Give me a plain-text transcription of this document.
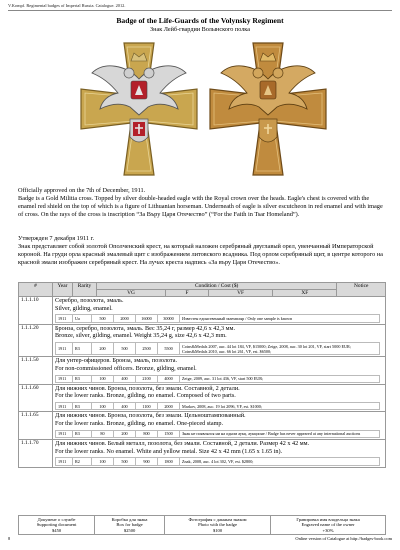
V.Kompf. Regimental badges of Imperial Russia. Catalogue. 2012.
Badge of the Life-Guards of the Volynsky Regiment
Знак Лейб-гвардии Волынского полка
Officially approved on the 7th of December, 1911.
Badge is a Gold Militia cross. Topped by silver double-headed eagle with the Royal crown over the heads. Eagle's chest is covered with the enamel red shield on the top of which is a figure of Lithuanian horseman. Underneath of eagle is silver escutcheon in red enamel and with image of cross. On the rays of the cross is inscription “За Въру Царя Отечество” (“For the Faith in Tsar Homeland”).
Утвержден 7 декабря 1911 г.
Знак представляет собой золотой Ополченский крест, на который наложен серебряный двуглавый орел, увенчанный Императорской короной. На груди орла красный эмалевый щит с изображением литовского всадника. Под орлом серебряный щит, в центре которого на красной эмали изображен серебряный крест. На лучах креста надпись «За въру Царя Отечество».
#	Year	Rarity	Condition / Cost ($)	Notice
VG	F	VF	XF
1.1.1.10	Серебро, позолота, эмаль.
Silver, gilding, enamel.
1911	Ua	500	2000	16000	30000	Известен единственный экземпляр / Only one sample is known

1.1.1.20	Бронза, серебро, позолота, эмаль. Вес 35,24 г, размер 42,6 х 42,3 мм.
Bronze, silver, gilding, enamel. Weight 35,24 g, size 42,6 x 42,3 mm.
1911	R3	200	500	2500	5500	Coins&Medals 2007, auc. 44 lot 184, VF, $15000; Zeige, 2008, auc. 30 lot 201, VF, start 5000 EUR; Coins&Medals 2010, auc. 66 lot 261, VF, est. $6500;

1.1.1.50	Для унтер-офицеров. Бронза, эмаль, позолота.
For non-commissioned officers. Bronze, gilding, enamel.
1911	R3	100	400	2100	4000	Zeige, 2009, auc. 31 lot 436, VF, start 500 EUR;

1.1.1.60	Для нижних чинов. Бронза, позолота, без эмали. Составной, 2 детали.
For the lower ranks. Bronze, gilding, no enamel. Composed of two parts.
1911	R3	100	400	1100	2000	Markov, 2008, auc. 19 lot 2096, VF, est. $1000;

1.1.1.65	Для нижних чинов. Бронза, позолота, без эмали. Цельноштампованный.
For the lower ranks. Bronze, gilding, no enamel. One-pieced stamp.
1911	R3	80	200	800	1500	Знак не появлялся ни на одном аукц. аукционе / Badge has never appeared at any international auctions

1.1.1.70	Для нижних чинов. Белый металл, позолота, без эмали. Составной, 2 детали. Размер 42 х 42 мм.
For the lower ranks. No enamel. White and yellow metal. Size 42 x 42 mm (1.65 x 1.65 in).
1911	R2	100	500	900	1800	Znak, 2008, auc. 4 lot 302, VF, est. $2800;
Документ о службе
Supporting document
$450

Коробка для знака
Box for badge
$2500

Фотография с данным знаком
Photo with the badge
$100

Гравировка имя владельца знака
Engraved name of the owner
+30%
8	Online version of Catalogue at http://badges-book.com
